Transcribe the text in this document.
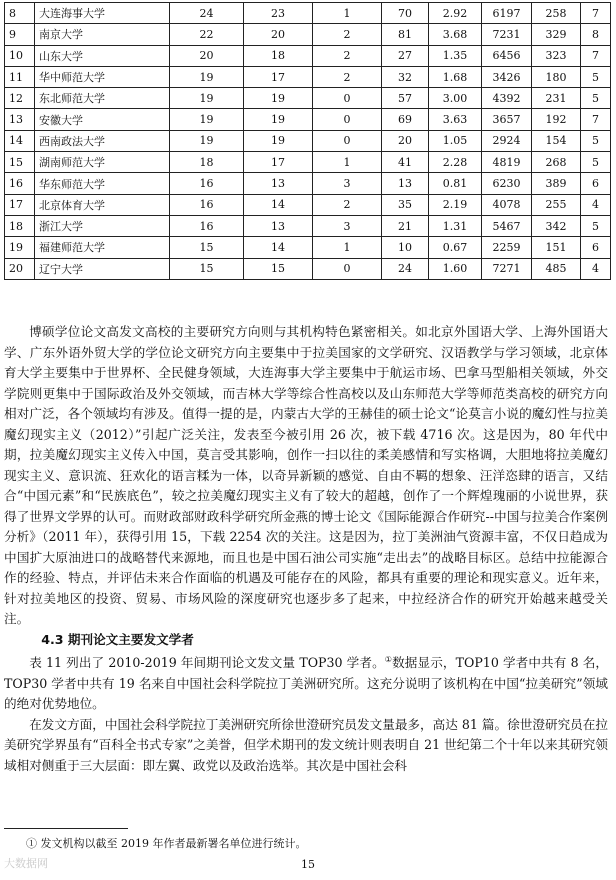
8	大连海事大学	24	23	1	70	2.92	6197	258	7
9	南京大学	22	20	2	81	3.68	7231	329	8
10	山东大学	20	18	2	27	1.35	6456	323	7
11	华中师范大学	19	17	2	32	1.68	3426	180	5
12	东北师范大学	19	19	0	57	3.00	4392	231	5
13	安徽大学	19	19	0	69	3.63	3657	192	7
14	西南政法大学	19	19	0	20	1.05	2924	154	5
15	湖南师范大学	18	17	1	41	2.28	4819	268	5
16	华东师范大学	16	13	3	13	0.81	6230	389	6
17	北京体育大学	16	14	2	35	2.19	4078	255	4
18	浙江大学	16	13	3	21	1.31	5467	342	5
19	福建师范大学	15	14	1	10	0.67	2259	151	6
20	辽宁大学	15	15	0	24	1.60	7271	485	4

博硕学位论文高发文高校的主要研究方向则与其机构特色紧密相关。如北京外国语大学、上海外国语大学、广东外语外贸大学的学位论文研究方向主要集中于拉美国家的文学研究、汉语教学与学习领域，北京体育大学主要集中于世界杯、全民健身领域，大连海事大学主要集中于航运市场、巴拿马型船相关领域，外交学院则更集中于国际政治及外交领域，而吉林大学等综合性高校以及山东师范大学等师范类高校的研究方向相对广泛，各个领域均有涉及。值得一提的是，内蒙古大学的王赫佳的硕士论文“论莫言小说的魔幻性与拉美魔幻现实主义（2012）”引起广泛关注，发表至今被引用 26 次，被下载 4716 次。这是因为，80 年代中期，拉美魔幻现实主义传入中国，莫言受其影响，创作一扫以往的柔美感情和写实格调，大胆地将拉美魔幻现实主义、意识流、狂欢化的语言糅为一体，以奇异新颖的感觉、自由不羁的想象、汪洋恣肆的语言，又结合“中国元素”和“民族底色”，较之拉美魔幻现实主义有了较大的超越，创作了一个辉煌瑰丽的小说世界，获得了世界文学界的认可。而财政部财政科学研究所金燕的博士论文《国际能源合作研究--中国与拉美合作案例分析》（2011 年），获得引用 15，下载 2254 次的关注。这是因为，拉丁美洲油气资源丰富，不仅日趋成为中国扩大原油进口的战略替代来源地，而且也是中国石油公司实施“走出去”的战略目标区。总结中拉能源合作的经验、特点，并评估未来合作面临的机遇及可能存在的风险，都具有重要的理论和现实意义。近年来，针对拉美地区的投资、贸易、市场风险的深度研究也逐步多了起来，中拉经济合作的研究开始越来越受关注。

4.3 期刊论文主要发文学者

表 11 列出了 2010-2019 年间期刊论文发文量 TOP30 学者。①数据显示，TOP10 学者中共有 8 名，TOP30 学者中共有 19 名来自中国社会科学院拉丁美洲研究所。这充分说明了该机构在中国“拉美研究”领域的绝对优势地位。

在发文方面，中国社会科学院拉丁美洲研究所徐世澄研究员发文量最多，高达 81 篇。徐世澄研究员在拉美研究学界虽有“百科全书式专家”之美誉，但学术期刊的发文统计则表明自 21 世纪第二个十年以来其研究领域相对侧重于三大层面：即左翼、政党以及政治选举。其次是中国社会科

① 发文机构以截至 2019 年作者最新署名单位进行统计。
大数据网	15
